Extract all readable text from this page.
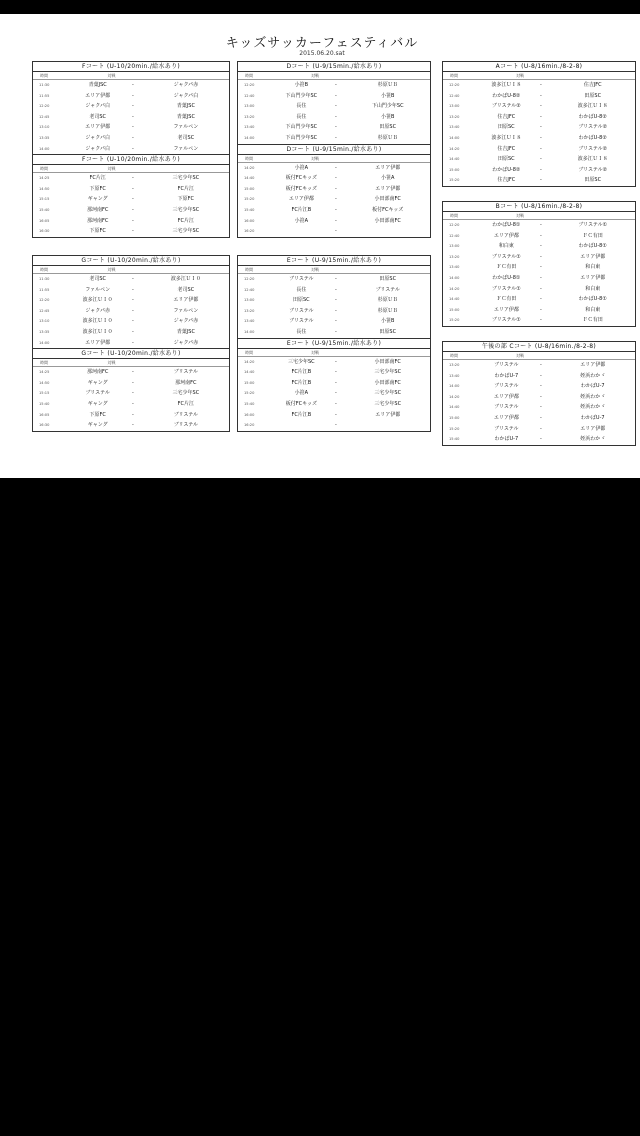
キッズサッカーフェスティバル
2015.06.20.sat
Fコート (U-10/20min./給水あり)
時間	対戦
11:30	青葉JSC	-	ジャクパ赤
11:55	エリア伊都	-	ジャクパ白
12:20	ジャクパ白	-	青葉JSC
12:45	老司SC	-	青葉JSC
13:10	エリア伊都	-	ファルペン
13:35	ジャクパ白	-	老司SC
14:00	ジャクパ白	-	ファルペン
Fコート (U-10/20min./給水あり)
時間	対戦
14:25	FC片江	-	三宅少年SC
14:50	下原FC	-	FC片江
15:15	ギャング	-	下原FC
15:40	那珂南FC	-	三宅少年SC
16:05	那珂南FC	-	FC片江
16:30	下原FC	-	三宅少年SC
Gコート (U-10/20min./給水あり)
時間	対戦
11:30	老司SC	-	波多江ＵＩ０
11:55	ファルペン	-	老司SC
12:20	波多江ＵＩ０	-	エリア伊都
12:45	ジャクパ赤	-	ファルペン
13:10	波多江ＵＩ０	-	ジャクパ赤
13:35	波多江ＵＩ０	-	青葉JSC
14:00	エリア伊都	-	ジャクパ赤
Gコート (U-10/20min./給水あり)
時間	対戦
14:25	那珂南FC	-	ブリステル
14:50	ギャング	-	那珂南FC
15:15	ブリステル	-	三宅少年SC
15:40	ギャング	-	FC片江
16:05	下原FC	-	ブリステル
16:30	ギャング	-	ブリステル
Dコート (U-9/15min./給水あり)
時間	対戦
12:20	小笹B	-	杉原ＵＢ
12:40	下山門少年SC	-	小笹B
13:00	長住	-	下山門少年SC
13:20	長住	-	小笹B
13:40	下山門少年SC	-	田原SC
14:00	下山門少年SC	-	杉原ＵＢ
Dコート (U-9/15min./給水あり)
時間	対戦
14:20	小笹A	-	エリア伊都
14:40	板付FCキッズ	-	小笹A
15:00	板付FCキッズ	-	エリア伊都
15:20	エリア伊都	-	小田部南FC
15:40	FC片江B	-	板付FCキッズ
16:00	小笹A	-	小田部南FC
16:20	-
Eコート (U-9/15min./給水あり)
時間	対戦
12:20	ブリステル	-	田原SC
12:40	長住	-	ブリステル
13:00	田原SC	-	杉原ＵＢ
13:20	ブリステル	-	杉原ＵＢ
13:40	ブリステル	-	小笹B
14:00	長住	-	田原SC
Eコート (U-9/15min./給水あり)
時間	対戦
14:20	三宅少年SC	-	小田部南FC
14:40	FC片江B	-	三宅少年SC
15:00	FC片江B	-	小田部南FC
15:20	小笹A	-	三宅少年SC
15:40	板付FCキッズ	-	三宅少年SC
16:00	FC片江B	-	エリア伊都
16:20	-
Aコート (U-8/16min./8-2-8)
時間	対戦
12:20	波多江ＵＩ８	-	住吉JFC
12:40	わかばU-8②	-	田原SC
13:00	ブリステル②	-	波多江ＵＩ８
13:20	住吉JFC	-	わかばU-8②
13:40	田原SC	-	ブリステル②
14:00	波多江ＵＩ８	-	わかばU-8②
14:20	住吉JFC	-	ブリステル②
14:40	田原SC	-	波多江ＵＩ８
15:00	わかばU-8②	-	ブリステル②
15:20	住吉JFC	-	田原SC
Bコート (U-8/16min./8-2-8)
時間	対戦
12:20	わかばU-8①	-	ブリステル①
12:40	エリア伊都	-	ＦＣ有田
13:00	和白東	-	わかばU-8①
13:20	ブリステル①	-	エリア伊都
13:40	ＦＣ有田	-	和白東
14:00	わかばU-8①	-	エリア伊都
14:20	ブリステル①	-	和白東
14:40	ＦＣ有田	-	わかばU-8①
15:00	エリア伊都	-	和白東
15:20	ブリステル①	-	ＦＣ有田
午後の部 Cコート (U-8/16min./8-2-8)
時間	対戦
13:20	ブリステル	-	エリア伊都
13:40	わかばU-7	-	姪浜わかゞ
14:00	ブリステル	-	わかばU-7
14:20	エリア伊都	-	姪浜わかゞ
14:40	ブリステル	-	姪浜わかゞ
15:00	エリア伊都	-	わかばU-7
15:20	ブリステル	-	エリア伊都
15:40	わかばU-7	-	姪浜わかゞ
